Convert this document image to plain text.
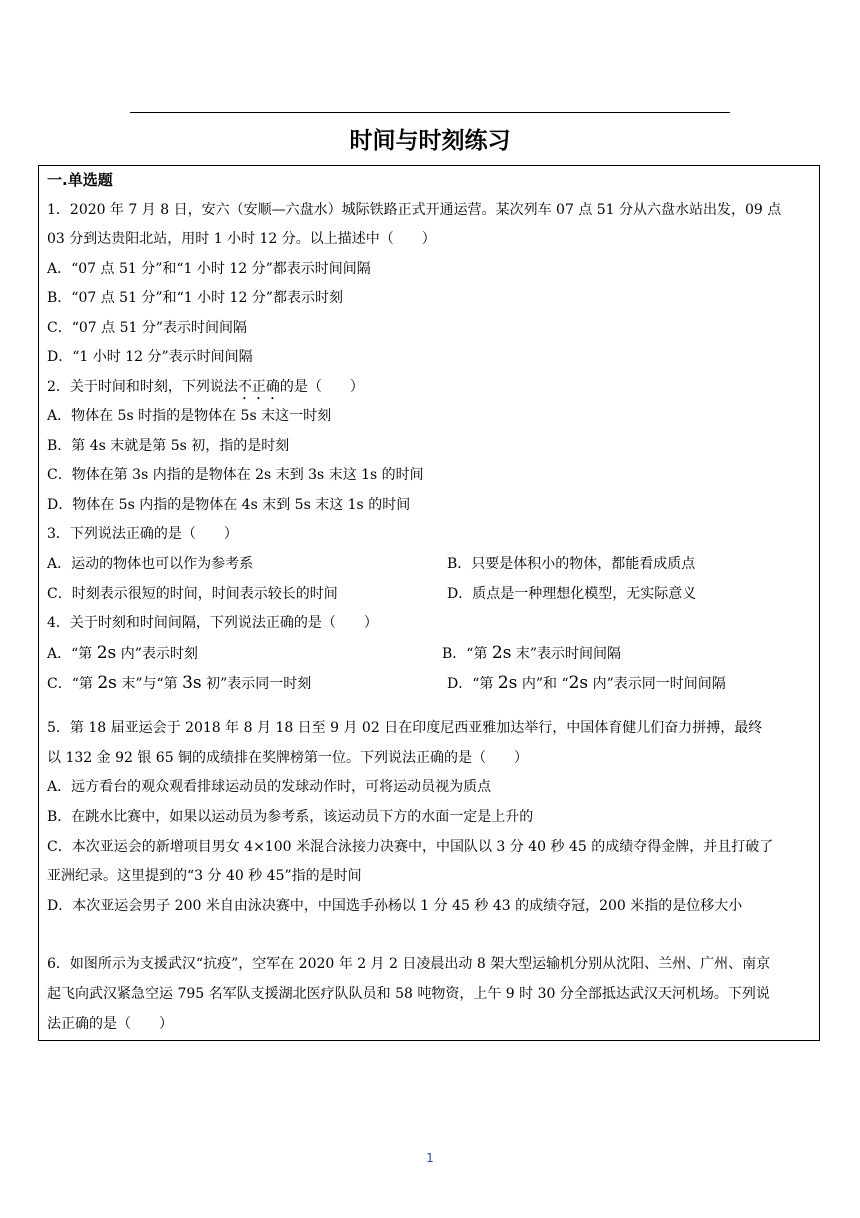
时间与时刻练习
一.单选题
1．2020 年 7 月 8 日，安六（安顺—六盘水）城际铁路正式开通运营。某次列车 07 点 51 分从六盘水站出发，09 点
03 分到达贵阳北站，用时 1 小时 12 分。以上描述中（　　）
A．“07 点 51 分”和“1 小时 12 分”都表示时间间隔
B．“07 点 51 分”和“1 小时 12 分”都表示时刻
C．“07 点 51 分”表示时间间隔
D．“1 小时 12 分”表示时间间隔
2．关于时间和时刻，下列说法不正确的是（　　）
A．物体在 5s 时指的是物体在 5s 末这一时刻
B．第 4s 末就是第 5s 初，指的是时刻
C．物体在第 3s 内指的是物体在 2s 末到 3s 末这 1s 的时间
D．物体在 5s 内指的是物体在 4s 末到 5s 末这 1s 的时间
3．下列说法正确的是（　　）
A．运动的物体也可以作为参考系	B．只要是体积小的物体，都能看成质点
C．时刻表示很短的时间，时间表示较长的时间	D．质点是一种理想化模型，无实际意义
4．关于时刻和时间间隔，下列说法正确的是（　　）
A．“第 2s 内”表示时刻	B．“第 2s 末”表示时间间隔
C．“第 2s 末”与“第 3s 初”表示同一时刻	D．“第 2s 内”和 “2s 内”表示同一时间间隔
5．第 18 届亚运会于 2018 年 8 月 18 日至 9 月 02 日在印度尼西亚雅加达举行，中国体育健儿们奋力拼搏，最终
以 132 金 92 银 65 铜的成绩排在奖牌榜第一位。下列说法正确的是（　　）
A．远方看台的观众观看排球运动员的发球动作时，可将运动员视为质点
B．在跳水比赛中，如果以运动员为参考系，该运动员下方的水面一定是上升的
C．本次亚运会的新增项目男女 4×100 米混合泳接力决赛中，中国队以 3 分 40 秒 45 的成绩夺得金牌，并且打破了
亚洲纪录。这里提到的“3 分 40 秒 45”指的是时间
D．本次亚运会男子 200 米自由泳决赛中，中国选手孙杨以 1 分 45 秒 43 的成绩夺冠，200 米指的是位移大小
6．如图所示为支援武汉“抗疫”，空军在 2020 年 2 月 2 日凌晨出动 8 架大型运输机分别从沈阳、兰州、广州、南京
起飞向武汉紧急空运 795 名军队支援湖北医疗队队员和 58 吨物资，上午 9 时 30 分全部抵达武汉天河机场。下列说
法正确的是（　　）
1
